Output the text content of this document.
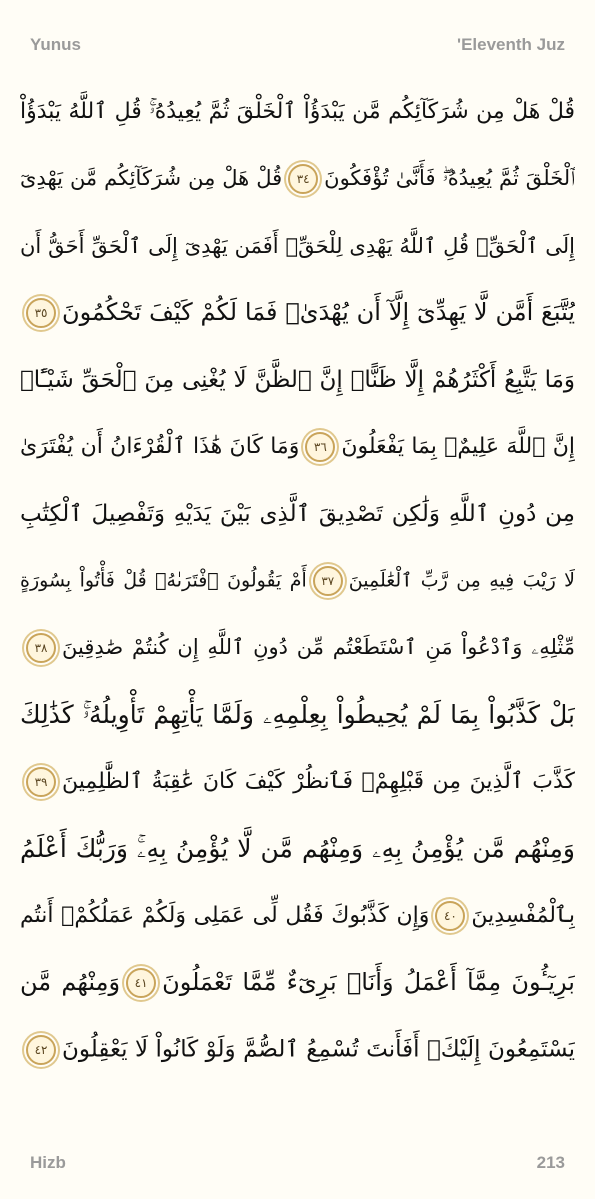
Yunus	'Eleventh Juz
قُلْ هَلْ مِن شُرَكَآئِكُم مَّن يَبْدَؤُاْ ٱلْخَلْقَ ثُمَّ يُعِيدُهُۥۚ قُلِ ٱللَّهُ يَبْدَؤُاْ
ٱلْخَلْقَ ثُمَّ يُعِيدُهُۥۖ فَأَنَّىٰ تُؤْفَكُونَ٣٤قُلْ هَلْ مِن شُرَكَآئِكُم مَّن يَهْدِىٓ
إِلَى ٱلْحَقِّۚ قُلِ ٱللَّهُ يَهْدِى لِلْحَقِّۗ أَفَمَن يَهْدِىٓ إِلَى ٱلْحَقِّ أَحَقُّ أَن
يُتَّبَعَ أَمَّن لَّا يَهِدِّىٓ إِلَّآ أَن يُهْدَىٰۖ فَمَا لَكُمْ كَيْفَ تَحْكُمُونَ٣٥
وَمَا يَتَّبِعُ أَكْثَرُهُمْ إِلَّا ظَنًّاۚ إِنَّ ٱلظَّنَّ لَا يُغْنِى مِنَ ٱلْحَقِّ شَيْـًٔاۚ
إِنَّ ٱللَّهَ عَلِيمٌۢ بِمَا يَفْعَلُونَ٣٦وَمَا كَانَ هَٰذَا ٱلْقُرْءَانُ أَن يُفْتَرَىٰ
مِن دُونِ ٱللَّهِ وَلَٰكِن تَصْدِيقَ ٱلَّذِى بَيْنَ يَدَيْهِ وَتَفْصِيلَ ٱلْكِتَٰبِ
لَا رَيْبَ فِيهِ مِن رَّبِّ ٱلْعَٰلَمِينَ٣٧أَمْ يَقُولُونَ ٱفْتَرَىٰهُۖ قُلْ فَأْتُواْ بِسُورَةٍ
مِّثْلِهِۦ وَٱدْعُواْ مَنِ ٱسْتَطَعْتُم مِّن دُونِ ٱللَّهِ إِن كُنتُمْ صَٰدِقِينَ٣٨
بَلْ كَذَّبُواْ بِمَا لَمْ يُحِيطُواْ بِعِلْمِهِۦ وَلَمَّا يَأْتِهِمْ تَأْوِيلُهُۥۚ كَذَٰلِكَ
كَذَّبَ ٱلَّذِينَ مِن قَبْلِهِمْۖ فَٱنظُرْ كَيْفَ كَانَ عَٰقِبَةُ ٱلظَّٰلِمِينَ٣٩
وَمِنْهُم مَّن يُؤْمِنُ بِهِۦ وَمِنْهُم مَّن لَّا يُؤْمِنُ بِهِۦۚ وَرَبُّكَ أَعْلَمُ
بِٱلْمُفْسِدِينَ٤٠وَإِن كَذَّبُوكَ فَقُل لِّى عَمَلِى وَلَكُمْ عَمَلُكُمْۖ أَنتُم
بَرِيٓـُٔونَ مِمَّآ أَعْمَلُ وَأَنَا۠ بَرِىٓءٌ مِّمَّا تَعْمَلُونَ٤١وَمِنْهُم مَّن
يَسْتَمِعُونَ إِلَيْكَۚ أَفَأَنتَ تُسْمِعُ ٱلصُّمَّ وَلَوْ كَانُواْ لَا يَعْقِلُونَ٤٢
Hizb	213
